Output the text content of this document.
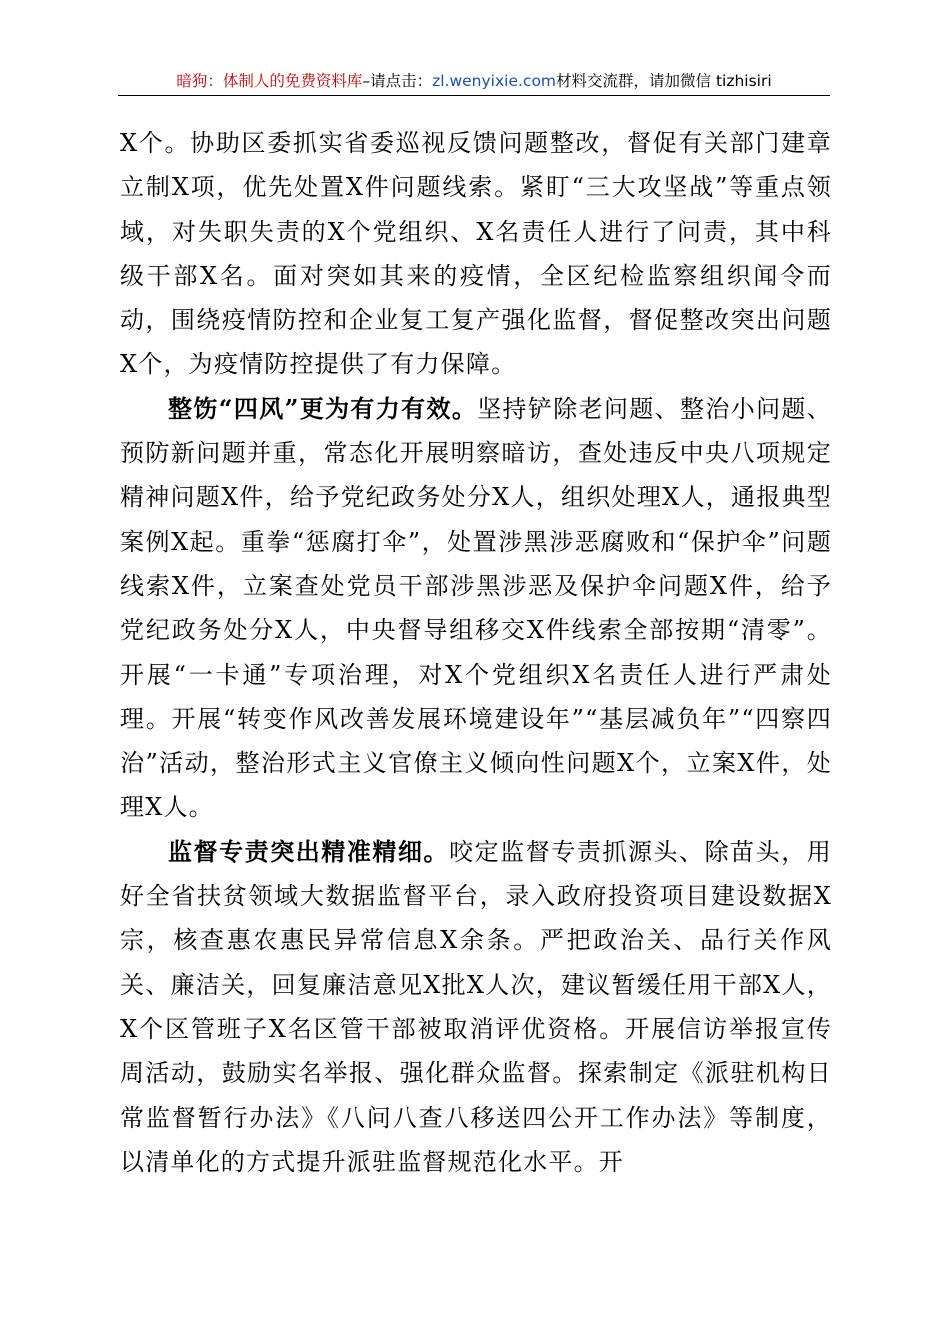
暗狗：体制人的免费资料库–请点击：zl.wenyixie.com材料交流群，请加微信 tizhisiri

X个。协助区委抓实省委巡视反馈问题整改，督促有关部门建章立制X项，优先处置X件问题线索。紧盯“三大攻坚战”等重点领域，对失职失责的X个党组织、X名责任人进行了问责，其中科级干部X名。面对突如其来的疫情，全区纪检监察组织闻令而动，围绕疫情防控和企业复工复产强化监督，督促整改突出问题X个，为疫情防控提供了有力保障。

整饬“四风”更为有力有效。坚持铲除老问题、整治小问题、预防新问题并重，常态化开展明察暗访，查处违反中央八项规定精神问题X件，给予党纪政务处分X人，组织处理X人，通报典型案例X起。重拳“惩腐打伞”，处置涉黑涉恶腐败和“保护伞”问题线索X件，立案查处党员干部涉黑涉恶及保护伞问题X件，给予党纪政务处分X人，中央督导组移交X件线索全部按期“清零”。开展“一卡通”专项治理，对X个党组织X名责任人进行严肃处理。开展“转变作风改善发展环境建设年”“基层减负年”“四察四治”活动，整治形式主义官僚主义倾向性问题X个，立案X件，处理X人。

监督专责突出精准精细。咬定监督专责抓源头、除苗头，用好全省扶贫领域大数据监督平台，录入政府投资项目建设数据X宗，核查惠农惠民异常信息X余条。严把政治关、品行关作风关、廉洁关，回复廉洁意见X批X人次，建议暂缓任用干部X人，X个区管班子X名区管干部被取消评优资格。开展信访举报宣传周活动，鼓励实名举报、强化群众监督。探索制定《派驻机构日常监督暂行办法》《八问八查八移送四公开工作办法》等制度，以清单化的方式提升派驻监督规范化水平。开
